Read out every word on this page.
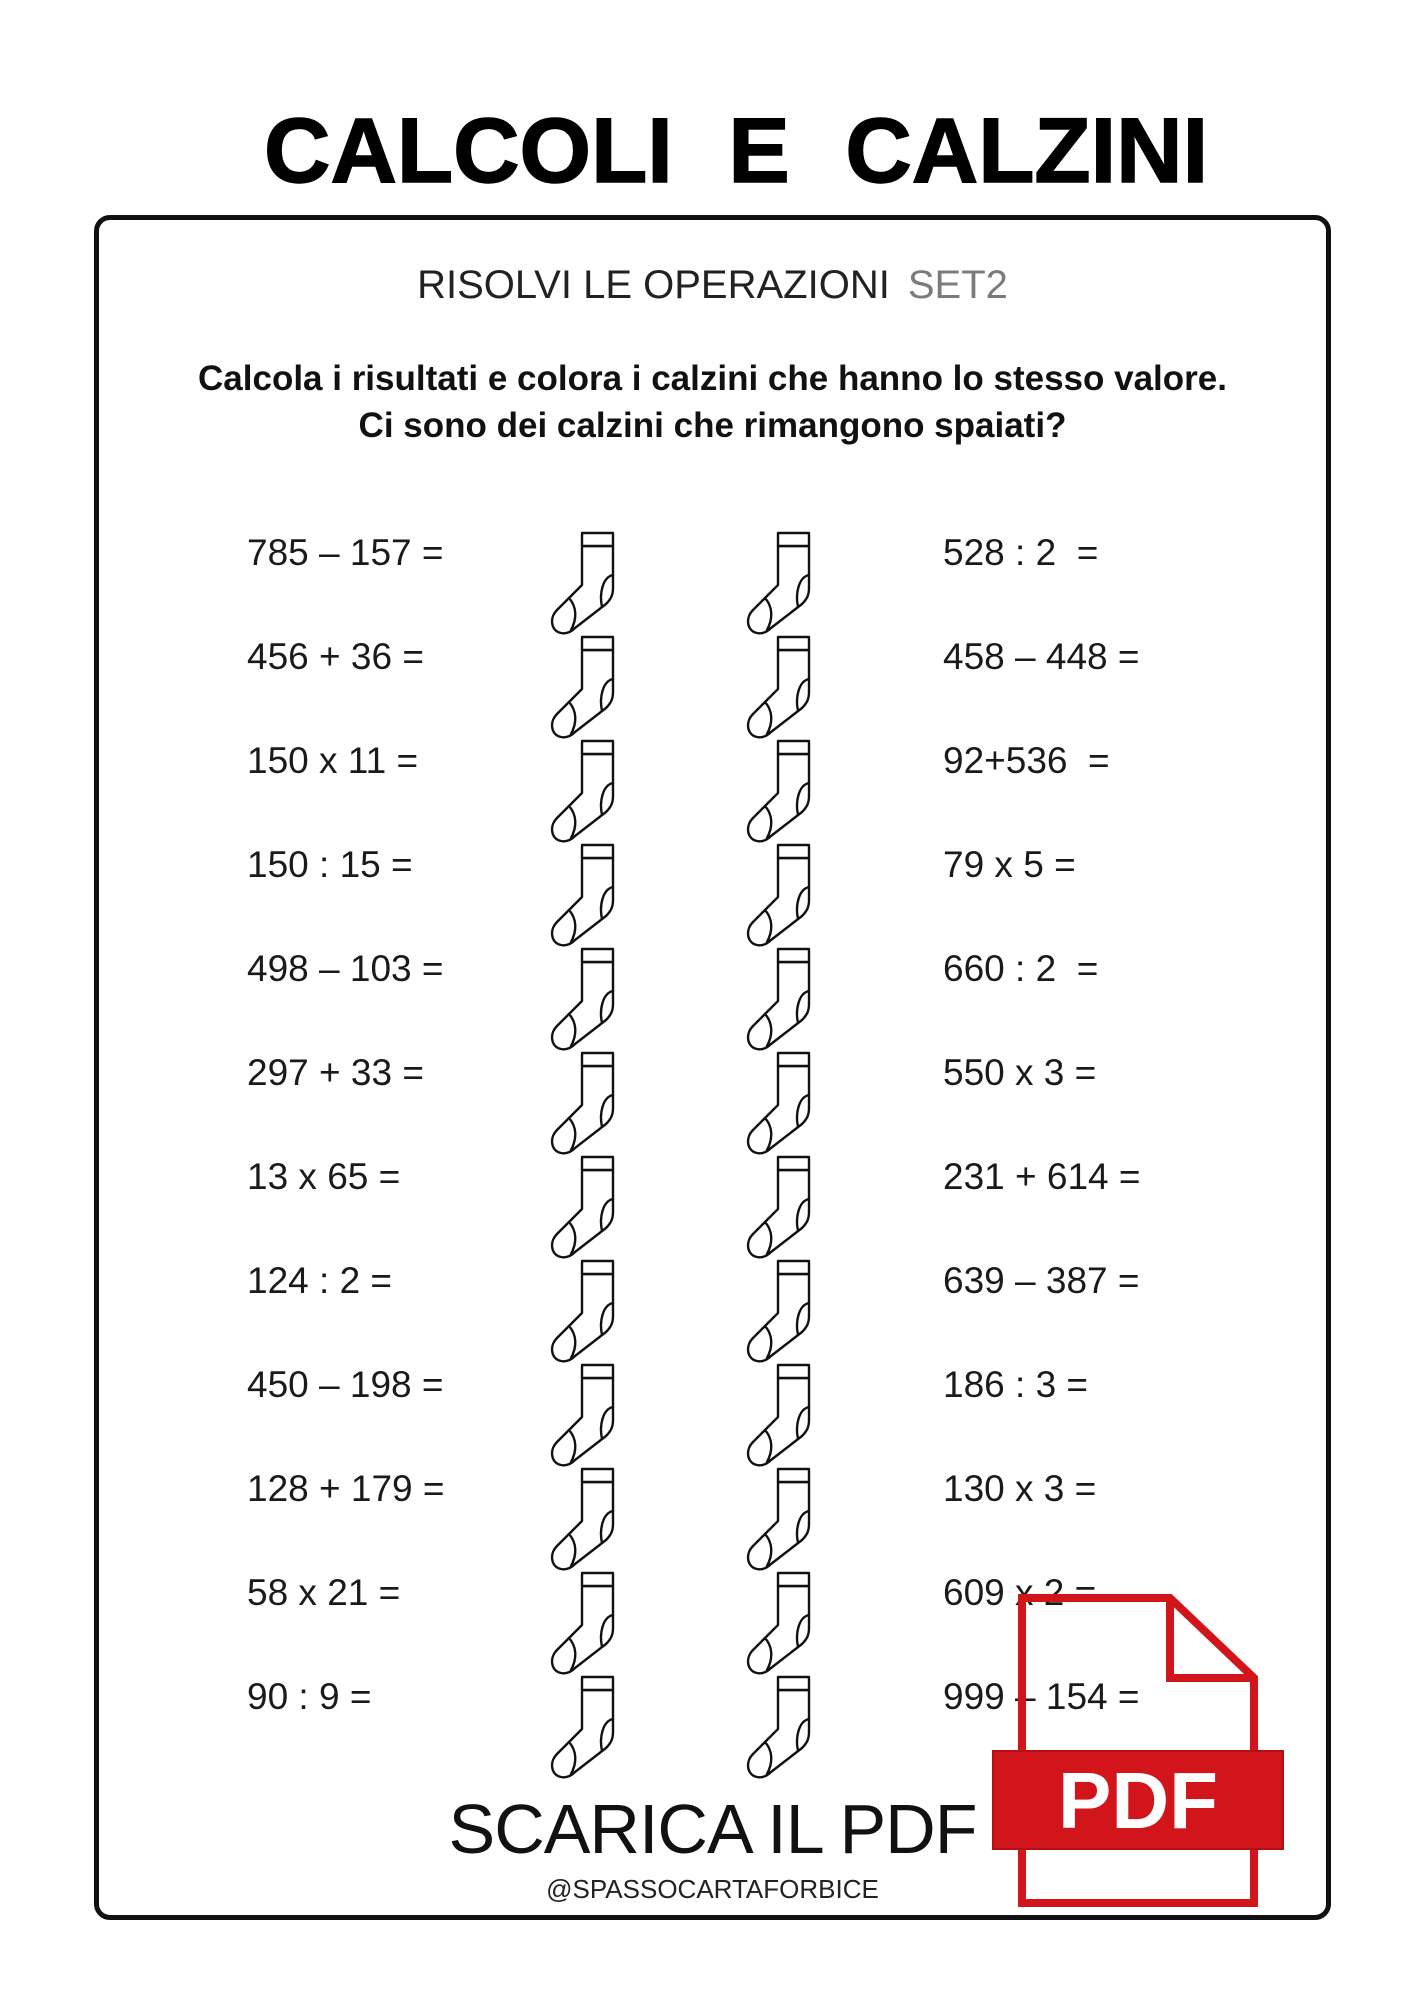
CALCOLI E CALZINI
RISOLVI LE OPERAZIONI SET2
Calcola i risultati e colora i calzini che hanno lo stesso valore.
Ci sono dei calzini che rimangono spaiati?
785 – 157 =
456 + 36 =
150 x 11 =
150 : 15 =
498 – 103 =
297 + 33 =
13 x 65 =
124 : 2 =
450 – 198 =
128 + 179 =
58 x 21 =
90 : 9 =
528 : 2  =
458 – 448 =
92+536  =
79 x 5 =
660 : 2  =
550 x 3 =
231 + 614 =
639 – 387 =
186 : 3 =
130 x 3 =
609 x 2 =
999 – 154 =
SCARICA IL PDF
@SPASSOCARTAFORBICE
PDF
